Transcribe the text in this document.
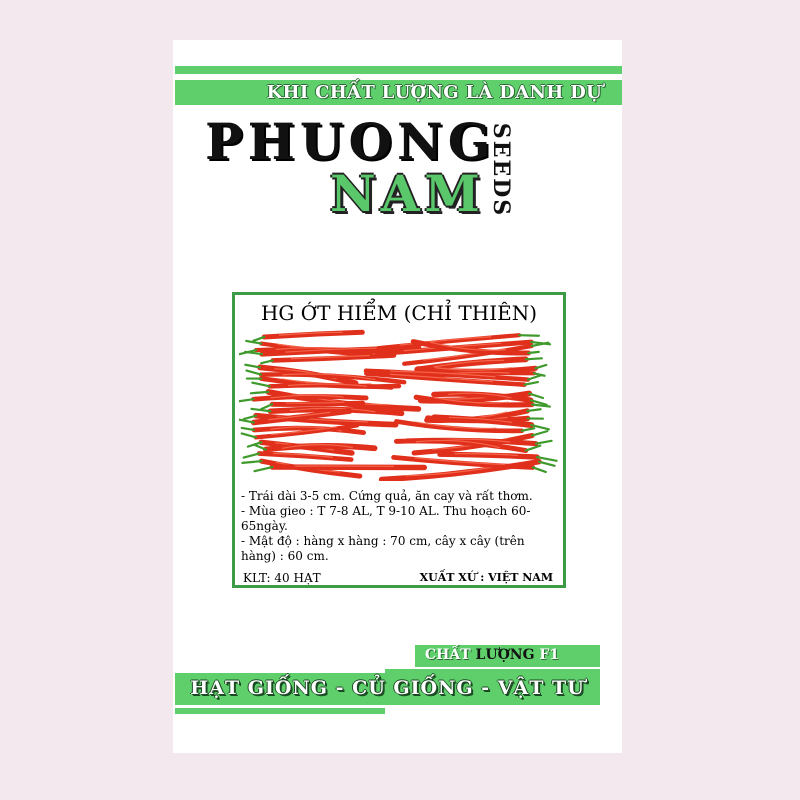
KHI CHẤT LƯỢNG LÀ DANH DỰ
PHUONG
NAM SEEDS
HG ỚT HIỂM (CHỈ THIÊN)
- Trái dài 3-5 cm. Cứng quả, ăn cay và rất thơm.
- Mùa gieo : T 7-8 AL, T 9-10 AL. Thu hoạch 60-65ngày.
- Mật độ : hàng x hàng : 70 cm, cây x cây (trên hàng) : 60 cm.
KLT: 40 HẠT	XUẤT XỨ : VIỆT NAM
CHẤT LƯỢNG F1
HẠT GIỐNG - CỦ GIỐNG - VẬT TƯ
